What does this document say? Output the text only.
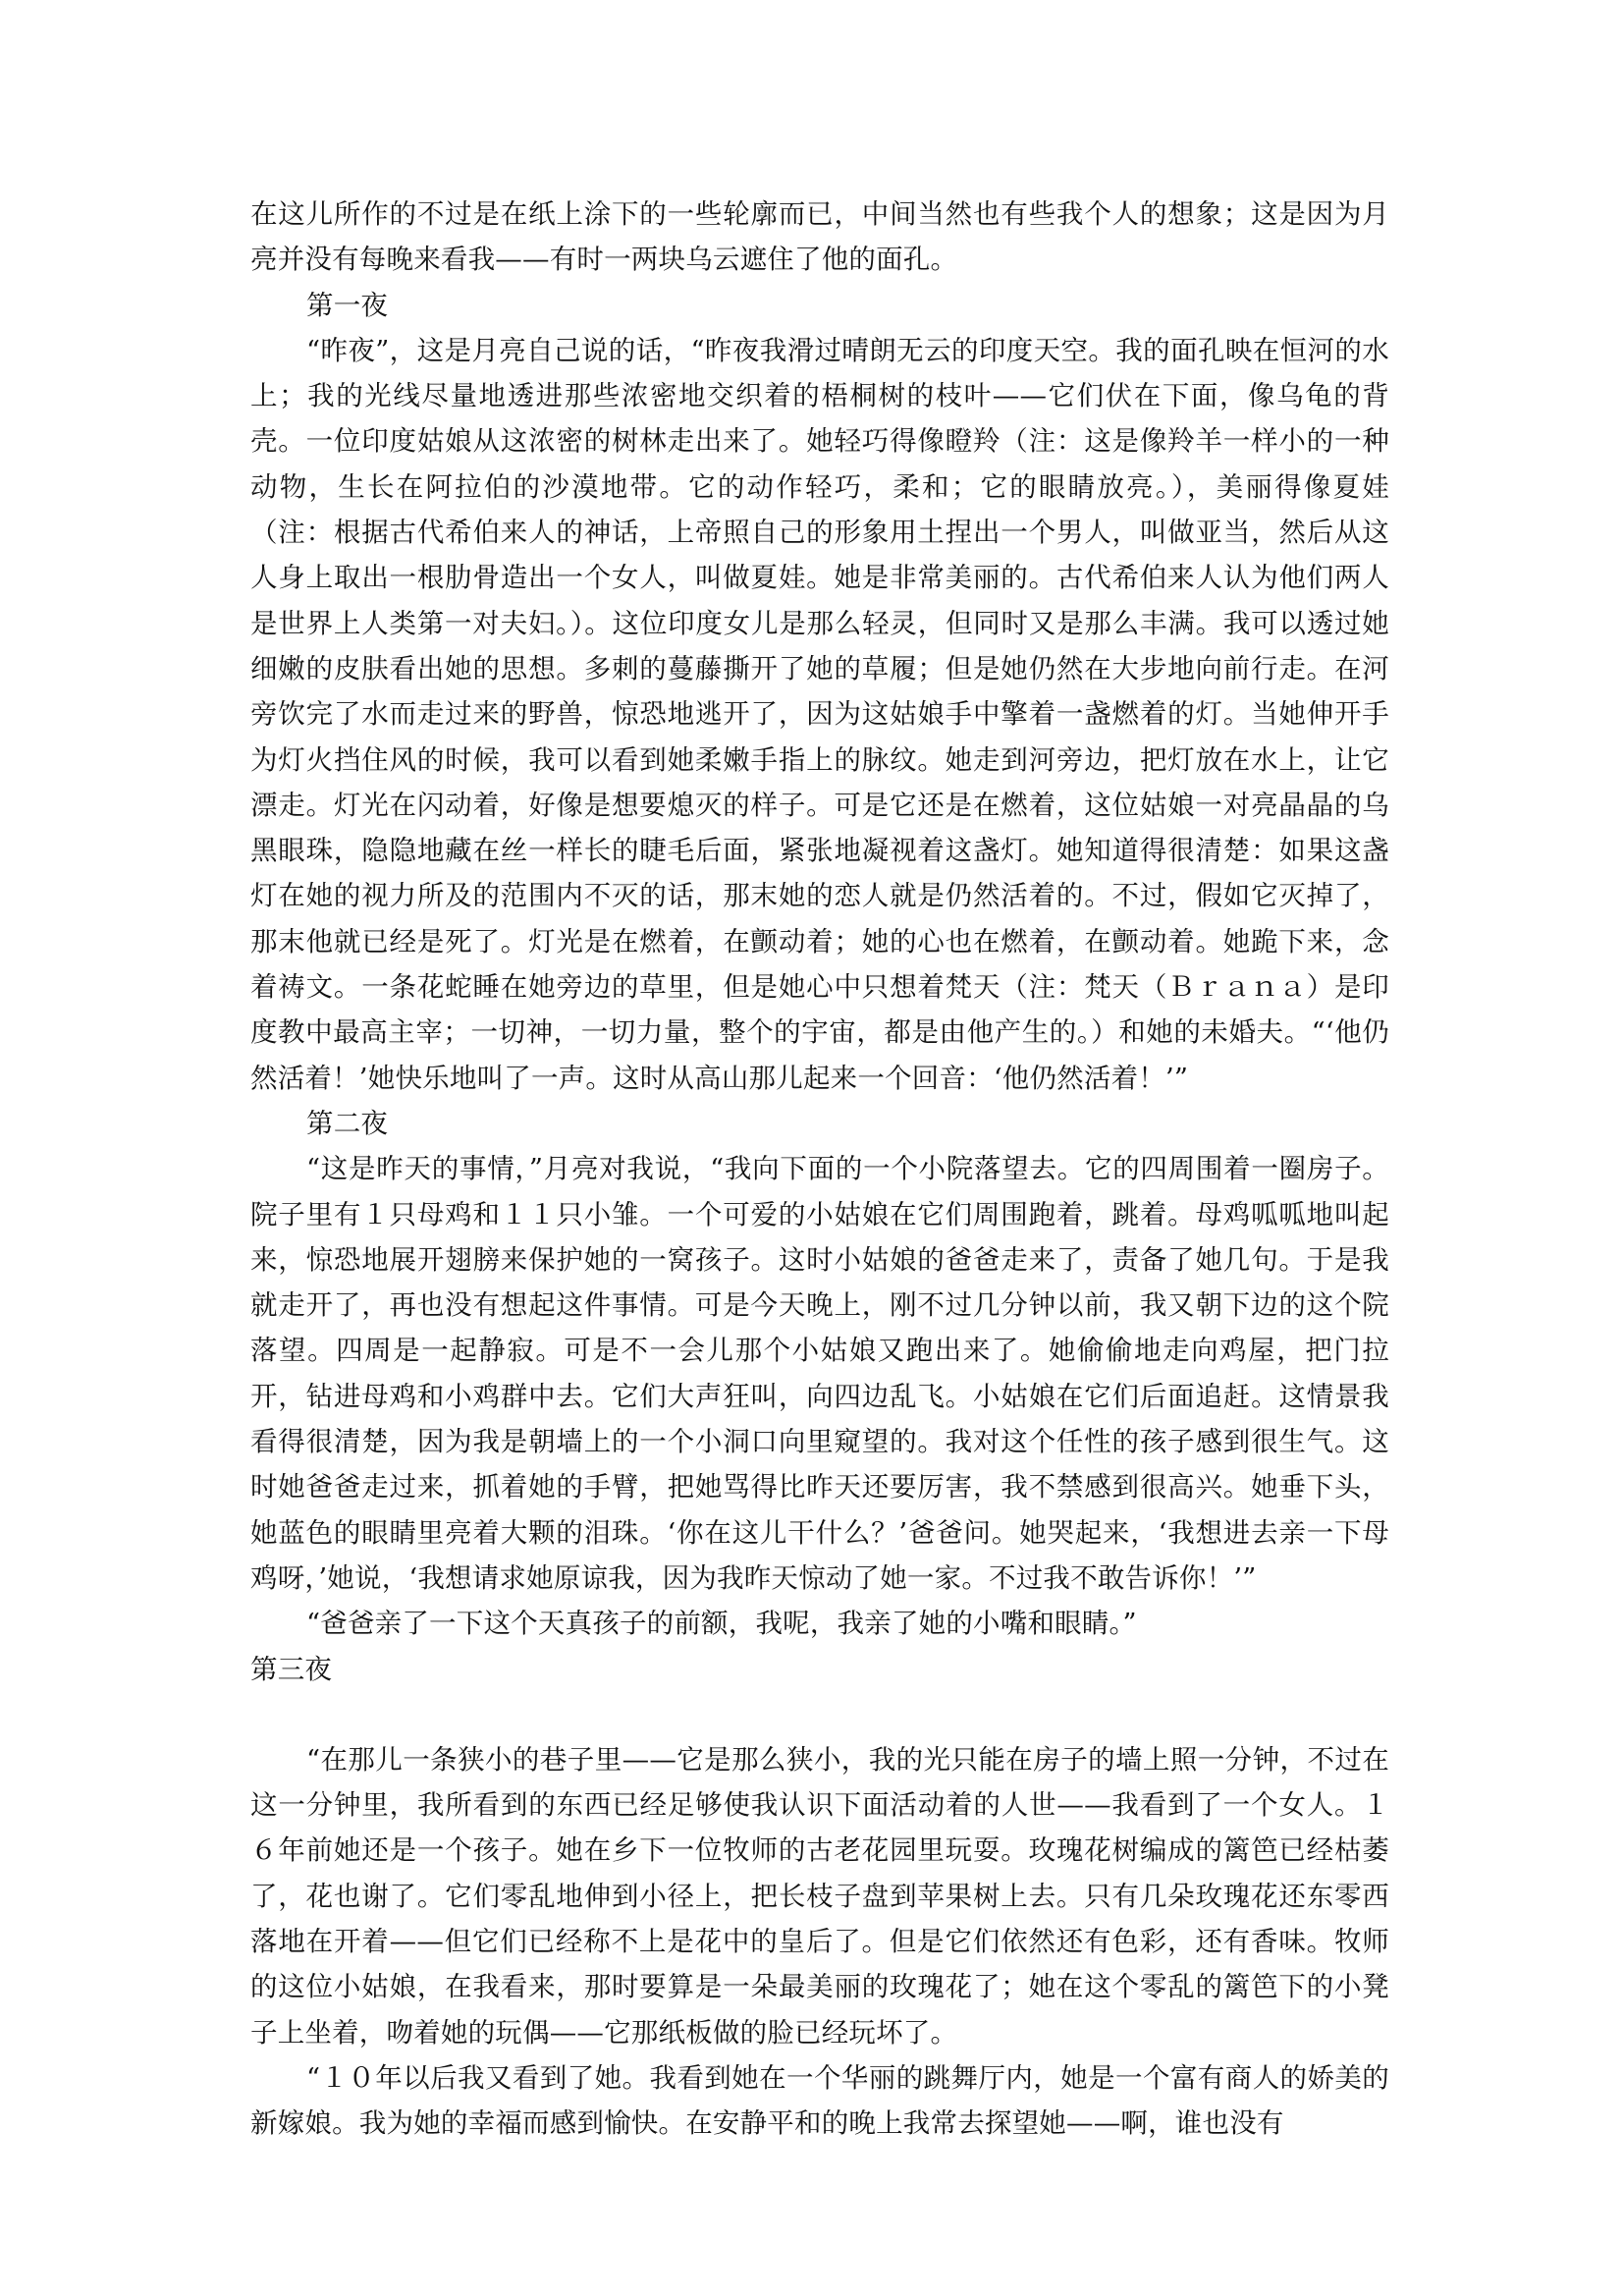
在这儿所作的不过是在纸上涂下的一些轮廓而已，中间当然也有些我个人的想象；这是因为月亮并没有每晚来看我——有时一两块乌云遮住了他的面孔。

第一夜

“昨夜”，这是月亮自己说的话，“昨夜我滑过晴朗无云的印度天空。我的面孔映在恒河的水上；我的光线尽量地透进那些浓密地交织着的梧桐树的枝叶——它们伏在下面，像乌龟的背壳。一位印度姑娘从这浓密的树林走出来了。她轻巧得像瞪羚（注：这是像羚羊一样小的一种动物，生长在阿拉伯的沙漠地带。它的动作轻巧，柔和；它的眼睛放亮。），美丽得像夏娃（注：根据古代希伯来人的神话，上帝照自己的形象用土捏出一个男人，叫做亚当，然后从这人身上取出一根肋骨造出一个女人，叫做夏娃。她是非常美丽的。古代希伯来人认为他们两人是世界上人类第一对夫妇。）。这位印度女儿是那么轻灵，但同时又是那么丰满。我可以透过她细嫩的皮肤看出她的思想。多刺的蔓藤撕开了她的草履；但是她仍然在大步地向前行走。在河旁饮完了水而走过来的野兽，惊恐地逃开了，因为这姑娘手中擎着一盏燃着的灯。当她伸开手为灯火挡住风的时候，我可以看到她柔嫩手指上的脉纹。她走到河旁边，把灯放在水上，让它漂走。灯光在闪动着，好像是想要熄灭的样子。可是它还是在燃着，这位姑娘一对亮晶晶的乌黑眼珠，隐隐地藏在丝一样长的睫毛后面，紧张地凝视着这盏灯。她知道得很清楚：如果这盏灯在她的视力所及的范围内不灭的话，那末她的恋人就是仍然活着的。不过，假如它灭掉了，那末他就已经是死了。灯光是在燃着，在颤动着；她的心也在燃着，在颤动着。她跪下来，念着祷文。一条花蛇睡在她旁边的草里，但是她心中只想着梵天（注：梵天（Ｂｒａｎａ）是印度教中最高主宰；一切神，一切力量，整个的宇宙，都是由他产生的。）和她的未婚夫。“‘他仍然活着！’她快乐地叫了一声。这时从高山那儿起来一个回音：‘他仍然活着！’”

第二夜

“这是昨天的事情，”月亮对我说，“我向下面的一个小院落望去。它的四周围着一圈房子。院子里有１只母鸡和１１只小雏。一个可爱的小姑娘在它们周围跑着，跳着。母鸡呱呱地叫起来，惊恐地展开翅膀来保护她的一窝孩子。这时小姑娘的爸爸走来了，责备了她几句。于是我就走开了，再也没有想起这件事情。可是今天晚上，刚不过几分钟以前，我又朝下边的这个院落望。四周是一起静寂。可是不一会儿那个小姑娘又跑出来了。她偷偷地走向鸡屋，把门拉开，钻进母鸡和小鸡群中去。它们大声狂叫，向四边乱飞。小姑娘在它们后面追赶。这情景我看得很清楚，因为我是朝墙上的一个小洞口向里窥望的。我对这个任性的孩子感到很生气。这时她爸爸走过来，抓着她的手臂，把她骂得比昨天还要厉害，我不禁感到很高兴。她垂下头，她蓝色的眼睛里亮着大颗的泪珠。‘你在这儿干什么？’爸爸问。她哭起来，‘我想进去亲一下母鸡呀，’她说，‘我想请求她原谅我，因为我昨天惊动了她一家。不过我不敢告诉你！’”

“爸爸亲了一下这个天真孩子的前额，我呢，我亲了她的小嘴和眼睛。”

第三夜

“在那儿一条狭小的巷子里——它是那么狭小，我的光只能在房子的墙上照一分钟，不过在这一分钟里，我所看到的东西已经足够使我认识下面活动着的人世——我看到了一个女人。１６年前她还是一个孩子。她在乡下一位牧师的古老花园里玩耍。玫瑰花树编成的篱笆已经枯萎了，花也谢了。它们零乱地伸到小径上，把长枝子盘到苹果树上去。只有几朵玫瑰花还东零西落地在开着——但它们已经称不上是花中的皇后了。但是它们依然还有色彩，还有香味。牧师的这位小姑娘，在我看来，那时要算是一朵最美丽的玫瑰花了；她在这个零乱的篱笆下的小凳子上坐着，吻着她的玩偶——它那纸板做的脸已经玩坏了。

“１０年以后我又看到了她。我看到她在一个华丽的跳舞厅内，她是一个富有商人的娇美的新嫁娘。我为她的幸福而感到愉快。在安静平和的晚上我常去探望她——啊，谁也没有
